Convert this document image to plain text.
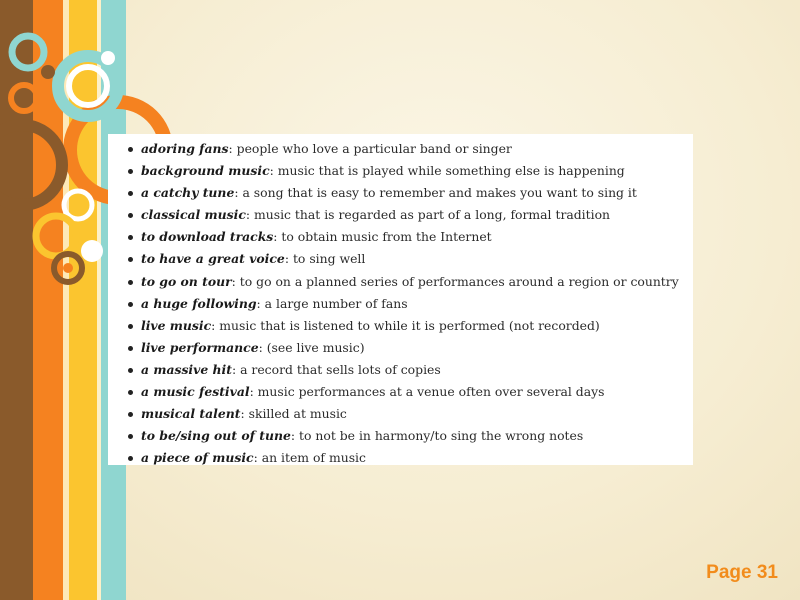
adoring fans: people who love a particular band or singer
background music: music that is played while something else is happening
a catchy tune: a song that is easy to remember and makes you want to sing it
classical music: music that is regarded as part of a long, formal tradition
to download tracks: to obtain music from the Internet
to have a great voice: to sing well
to go on tour: to go on a planned series of performances around a region or country
a huge following: a large number of fans
live music: music that is listened to while it is performed (not recorded)
live performance: (see live music)
a massive hit: a record that sells lots of copies
a music festival: music performances at a venue often over several days
musical talent: skilled at music
to be/sing out of tune: to not be in harmony/to sing the wrong notes
a piece of music: an item of music
Page 31
